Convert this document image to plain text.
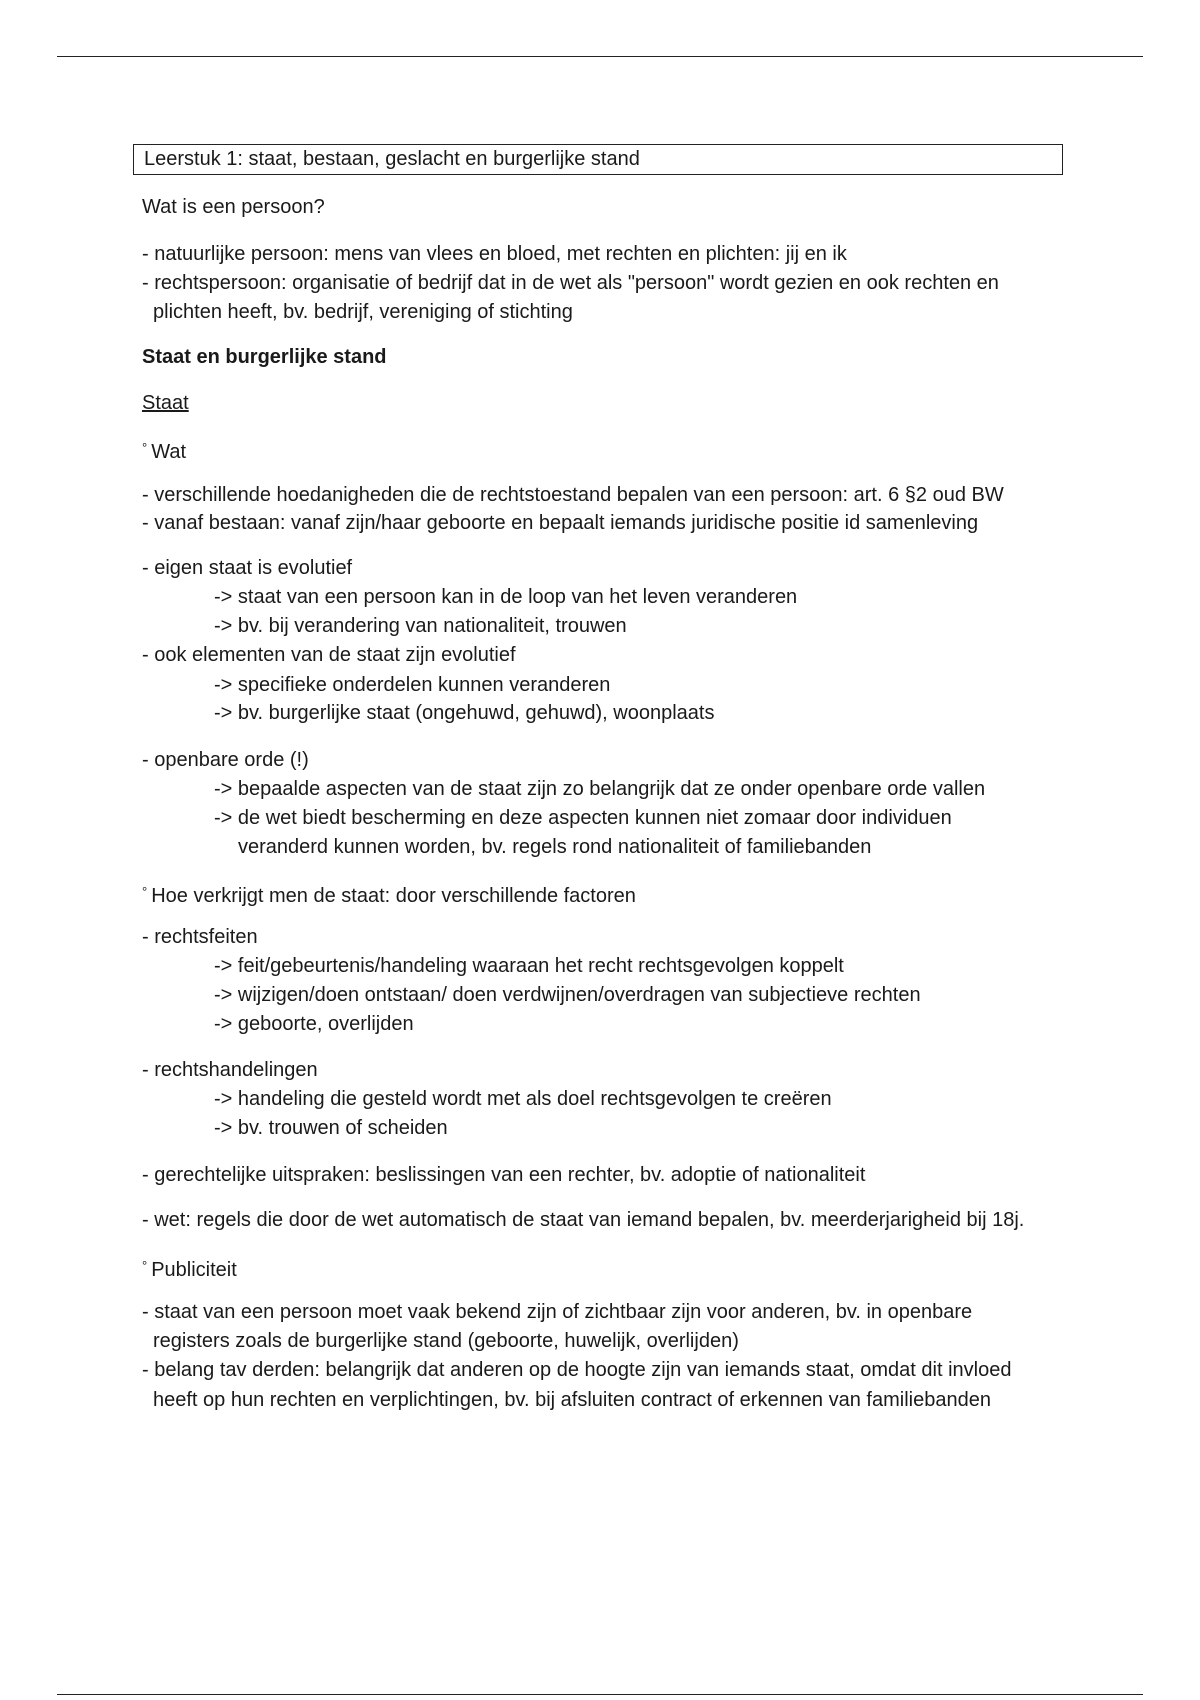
Leerstuk 1: staat, bestaan, geslacht en burgerlijke stand
Wat is een persoon?
- natuurlijke persoon: mens van vlees en bloed, met rechten en plichten: jij en ik
- rechtspersoon: organisatie of bedrijf dat in de wet als "persoon" wordt gezien en ook rechten en
plichten heeft, bv. bedrijf, vereniging of stichting
Staat en burgerlijke stand
Staat
° Wat
- verschillende hoedanigheden die de rechtstoestand bepalen van een persoon: art. 6 §2 oud BW
- vanaf bestaan: vanaf zijn/haar geboorte en bepaalt iemands juridische positie id samenleving
- eigen staat is evolutief
-> staat van een persoon kan in de loop van het leven veranderen
-> bv. bij verandering van nationaliteit, trouwen
- ook elementen van de staat zijn evolutief
-> specifieke onderdelen kunnen veranderen
-> bv. burgerlijke staat (ongehuwd, gehuwd), woonplaats
- openbare orde (!)
-> bepaalde aspecten van de staat zijn zo belangrijk dat ze onder openbare orde vallen
-> de wet biedt bescherming en deze aspecten kunnen niet zomaar door individuen
veranderd kunnen worden, bv. regels rond nationaliteit of familiebanden
° Hoe verkrijgt men de staat: door verschillende factoren
- rechtsfeiten
-> feit/gebeurtenis/handeling waaraan het recht rechtsgevolgen koppelt
-> wijzigen/doen ontstaan/ doen verdwijnen/overdragen van subjectieve rechten
-> geboorte, overlijden
- rechtshandelingen
-> handeling die gesteld wordt met als doel rechtsgevolgen te creëren
-> bv. trouwen of scheiden
- gerechtelijke uitspraken: beslissingen van een rechter, bv. adoptie of nationaliteit
- wet: regels die door de wet automatisch de staat van iemand bepalen, bv. meerderjarigheid bij 18j.
° Publiciteit
- staat van een persoon moet vaak bekend zijn of zichtbaar zijn voor anderen, bv. in openbare
registers zoals de burgerlijke stand (geboorte, huwelijk, overlijden)
- belang tav derden: belangrijk dat anderen op de hoogte zijn van iemands staat, omdat dit invloed
heeft op hun rechten en verplichtingen, bv. bij afsluiten contract of erkennen van familiebanden
